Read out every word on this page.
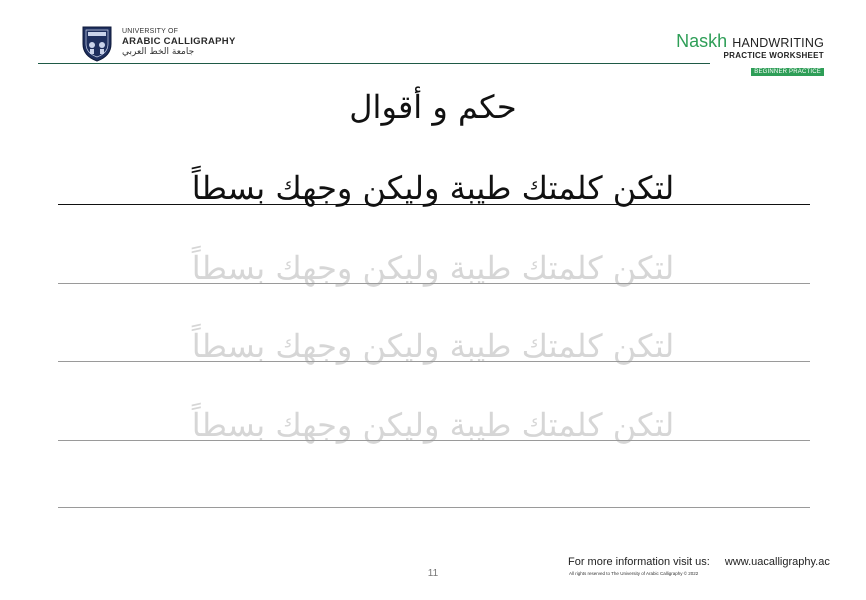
UNIVERSITY OF
ARABIC CALLIGRAPHY
جامعة الخط العربي
Naskh HANDWRITING
PRACTICE WORKSHEET
BEGINNER PRACTICE
حكم و أقوال
لتكن كلمتك طيبة وليكن وجهك بسطاً
لتكن كلمتك طيبة وليكن وجهك بسطاً
لتكن كلمتك طيبة وليكن وجهك بسطاً
لتكن كلمتك طيبة وليكن وجهك بسطاً
For more information visit us: www.uacalligraphy.ac
All rights reserved to The University of Arabic Calligraphy © 2022
11
